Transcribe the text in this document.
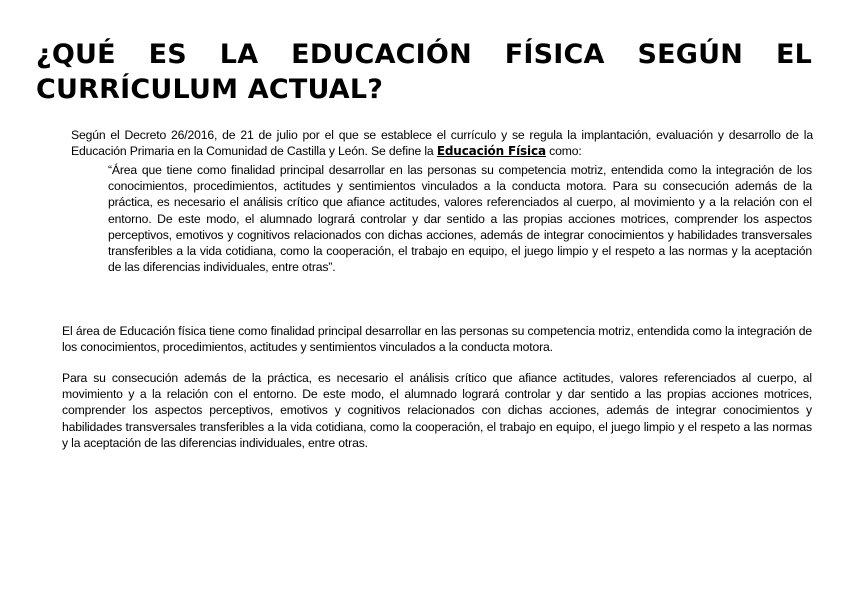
¿QUÉ ES LA EDUCACIÓN FÍSICA SEGÚN EL CURRÍCULUM ACTUAL?

Según el Decreto 26/2016, de 21 de julio por el que se establece el currículo y se regula la implantación, evaluación y desarrollo de la Educación Primaria en la Comunidad de Castilla y León. Se define la Educación Física como:

“Área que tiene como finalidad principal desarrollar en las personas su competencia motriz, entendida como la integración de los conocimientos, procedimientos, actitudes y sentimientos vinculados a la conducta motora. Para su consecución además de la práctica, es necesario el análisis crítico que afiance actitudes, valores referenciados al cuerpo, al movimiento y a la relación con el entorno. De este modo, el alumnado logrará controlar y dar sentido a las propias acciones motrices, comprender los aspectos perceptivos, emotivos y cognitivos relacionados con dichas acciones, además de integrar conocimientos y habilidades transversales transferibles a la vida cotidiana, como la cooperación, el trabajo en equipo, el juego limpio y el respeto a las normas y la aceptación de las diferencias individuales, entre otras”.

El área de Educación física tiene como finalidad principal desarrollar en las personas su competencia motriz, entendida como la integración de los conocimientos, procedimientos, actitudes y sentimientos vinculados a la conducta motora.

Para su consecución además de la práctica, es necesario el análisis crítico que afiance actitudes, valores referenciados al cuerpo, al movimiento y a la relación con el entorno. De este modo, el alumnado logrará controlar y dar sentido a las propias acciones motrices, comprender los aspectos perceptivos, emotivos y cognitivos relacionados con dichas acciones, además de integrar conocimientos y habilidades transversales transferibles a la vida cotidiana, como la cooperación, el trabajo en equipo, el juego limpio y el respeto a las normas y la aceptación de las diferencias individuales, entre otras.
